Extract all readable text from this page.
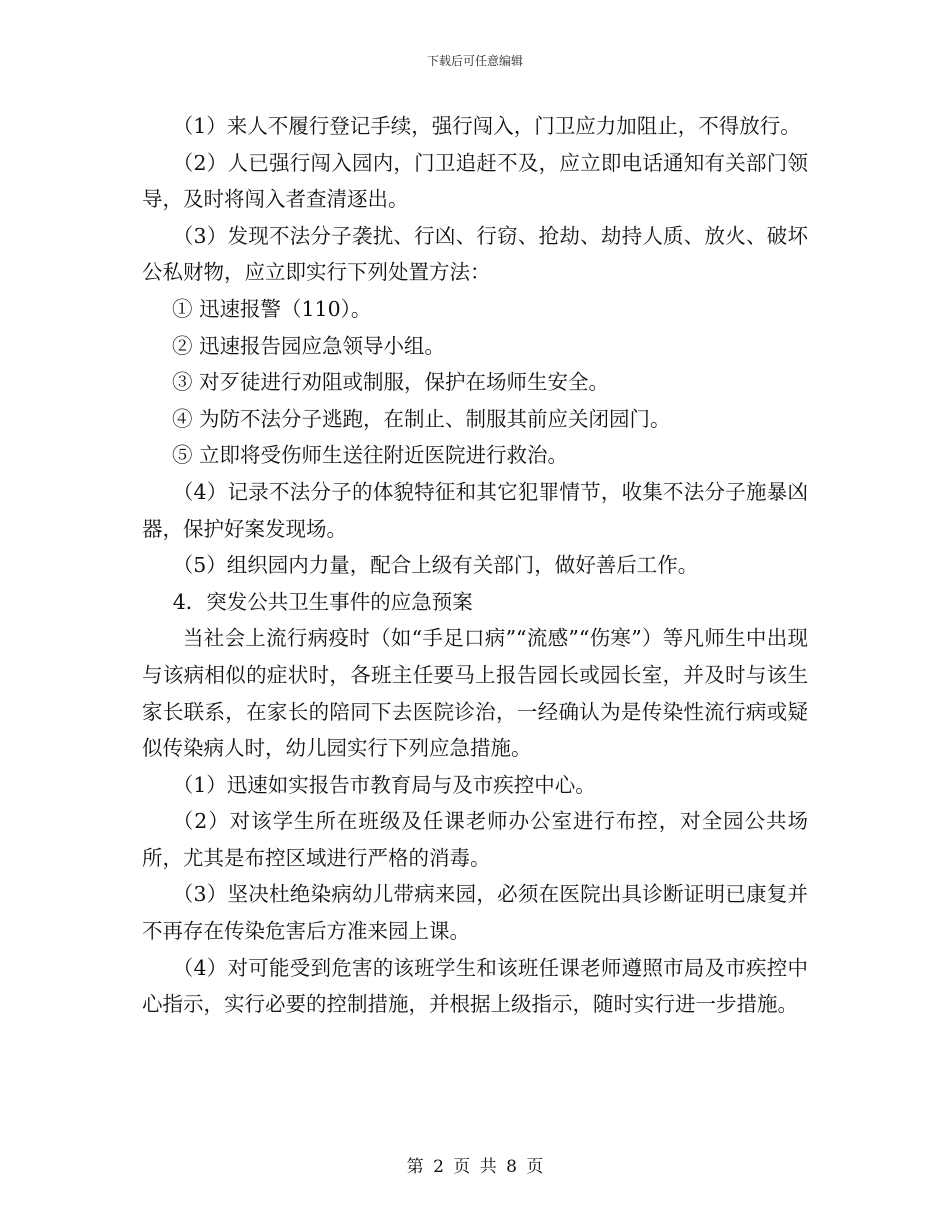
下载后可任意编辑

（1）来人不履行登记手续，强行闯入，门卫应力加阻止，不得放行。

（2）人已强行闯入园内，门卫追赶不及，应立即电话通知有关部门领导，及时将闯入者查清逐出。

（3）发现不法分子袭扰、行凶、行窃、抢劫、劫持人质、放火、破坏公私财物，应立即实行下列处置方法：

① 迅速报警（110）。

② 迅速报告园应急领导小组。

③ 对歹徒进行劝阻或制服，保护在场师生安全。

④ 为防不法分子逃跑，在制止、制服其前应关闭园门。

⑤ 立即将受伤师生送往附近医院进行救治。

（4）记录不法分子的体貌特征和其它犯罪情节，收集不法分子施暴凶器，保护好案发现场。

（5）组织园内力量，配合上级有关部门，做好善后工作。

4．突发公共卫生事件的应急预案

当社会上流行病疫时（如“手足口病”“流感”“伤寒”）等凡师生中出现与该病相似的症状时，各班主任要马上报告园长或园长室，并及时与该生家长联系，在家长的陪同下去医院诊治，一经确认为是传染性流行病或疑似传染病人时，幼儿园实行下列应急措施。

（1）迅速如实报告市教育局与及市疾控中心。

（2）对该学生所在班级及任课老师办公室进行布控，对全园公共场所，尤其是布控区域进行严格的消毒。

（3）坚决杜绝染病幼儿带病来园，必须在医院出具诊断证明已康复并不再存在传染危害后方准来园上课。

（4）对可能受到危害的该班学生和该班任课老师遵照市局及市疾控中心指示，实行必要的控制措施，并根据上级指示，随时实行进一步措施。

第 2 页 共 8 页
